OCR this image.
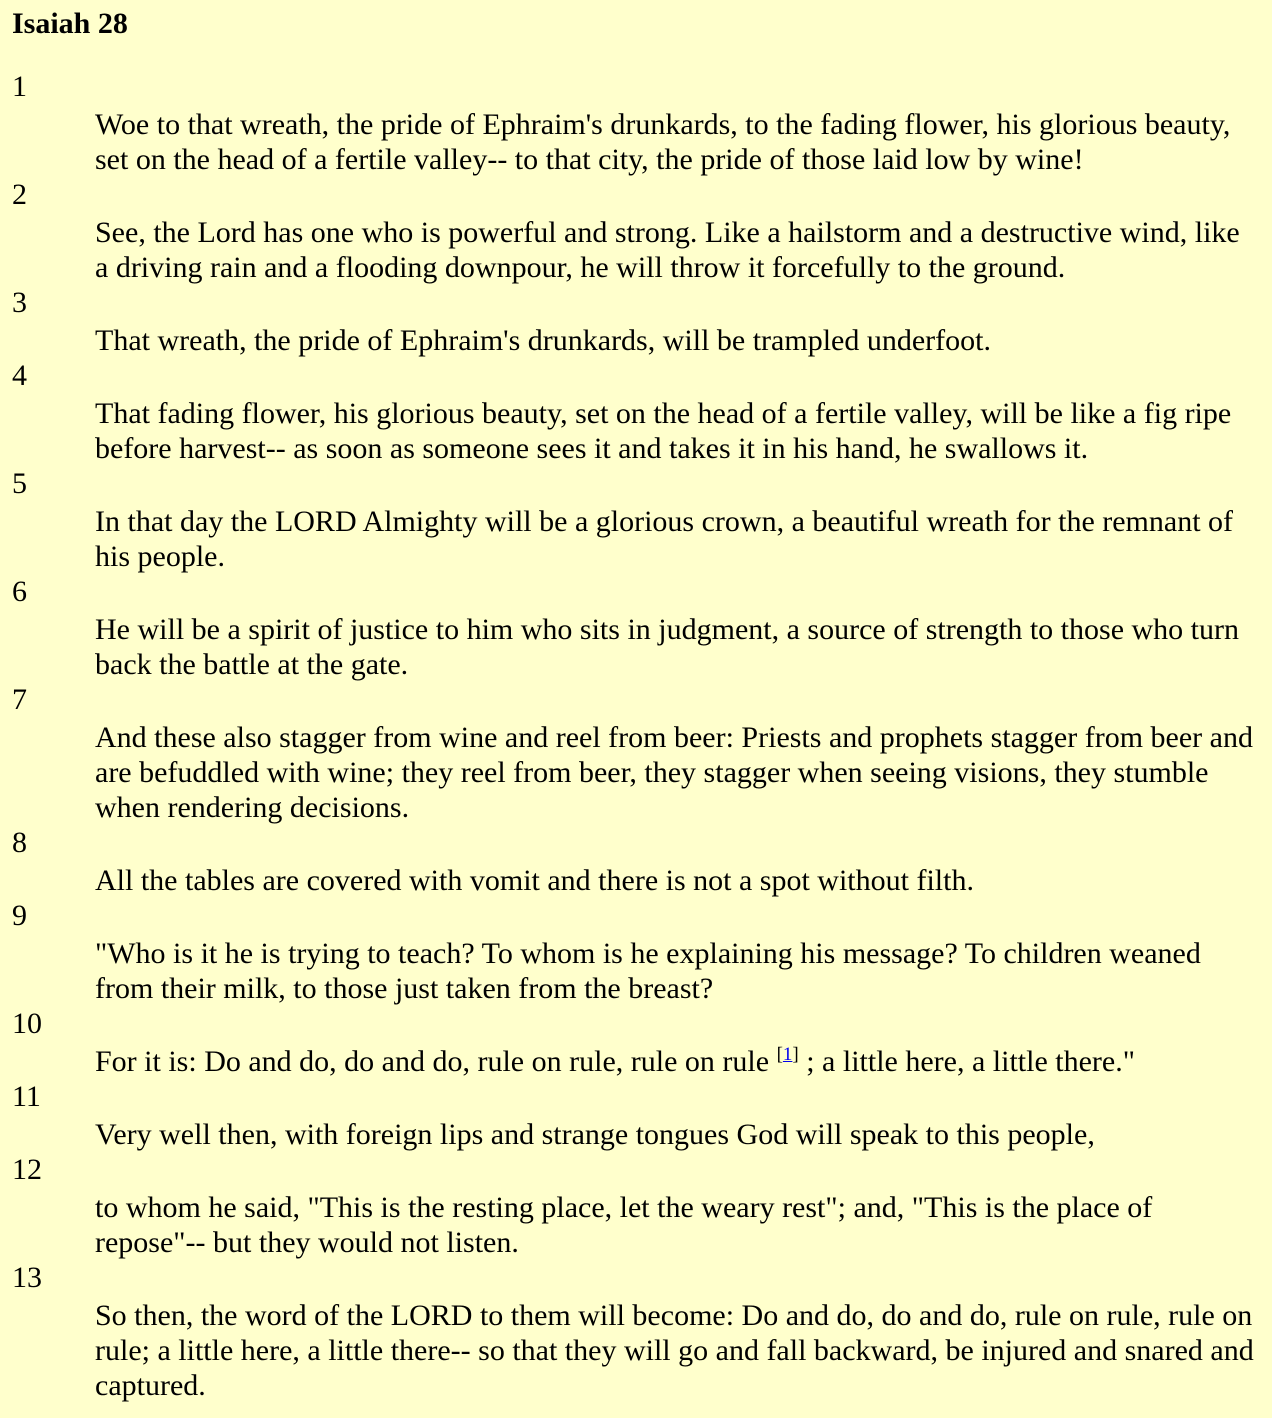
Isaiah 28
1
Woe to that wreath, the pride of Ephraim's drunkards, to the fading flower, his glorious beauty, set on the head of a fertile valley-- to that city, the pride of those laid low by wine!
2
See, the Lord has one who is powerful and strong. Like a hailstorm and a destructive wind, like a driving rain and a flooding downpour, he will throw it forcefully to the ground.
3
That wreath, the pride of Ephraim's drunkards, will be trampled underfoot.
4
That fading flower, his glorious beauty, set on the head of a fertile valley, will be like a fig ripe before harvest-- as soon as someone sees it and takes it in his hand, he swallows it.
5
In that day the LORD Almighty will be a glorious crown, a beautiful wreath for the remnant of his people.
6
He will be a spirit of justice to him who sits in judgment, a source of strength to those who turn back the battle at the gate.
7
And these also stagger from wine and reel from beer: Priests and prophets stagger from beer and are befuddled with wine; they reel from beer, they stagger when seeing visions, they stumble when rendering decisions.
8
All the tables are covered with vomit and there is not a spot without filth.
9
"Who is it he is trying to teach? To whom is he explaining his message? To children weaned from their milk, to those just taken from the breast?
10
For it is: Do and do, do and do, rule on rule, rule on rule [1] ; a little here, a little there."
11
Very well then, with foreign lips and strange tongues God will speak to this people,
12
to whom he said, "This is the resting place, let the weary rest"; and, "This is the place of repose"-- but they would not listen.
13
So then, the word of the LORD to them will become: Do and do, do and do, rule on rule, rule on rule; a little here, a little there-- so that they will go and fall backward, be injured and snared and captured.
